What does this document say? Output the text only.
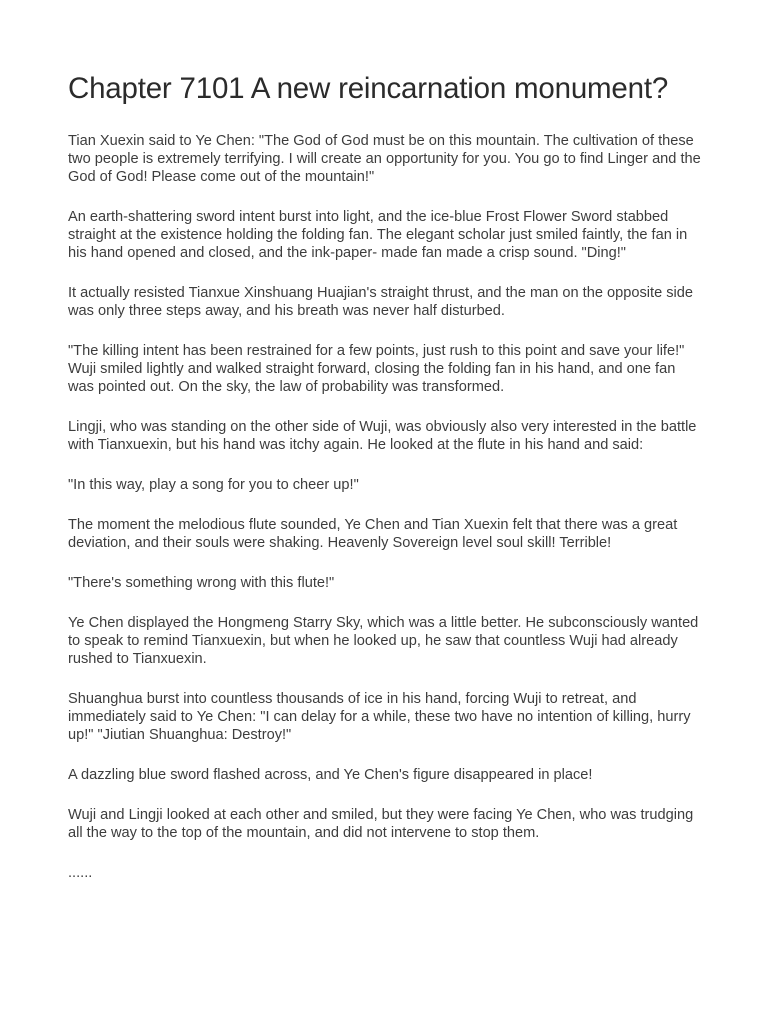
Chapter 7101 A new reincarnation monument?

Tian Xuexin said to Ye Chen: "The God of God must be on this mountain. The cultivation of these two people is extremely terrifying. I will create an opportunity for you. You go to find Linger and the God of God! Please come out of the mountain!"

An earth-shattering sword intent burst into light, and the ice-blue Frost Flower Sword stabbed straight at the existence holding the folding fan. The elegant scholar just smiled faintly, the fan in his hand opened and closed, and the ink-paper- made fan made a crisp sound. "Ding!"

It actually resisted Tianxue Xinshuang Huajian's straight thrust, and the man on the opposite side was only three steps away, and his breath was never half disturbed.

"The killing intent has been restrained for a few points, just rush to this point and save your life!" Wuji smiled lightly and walked straight forward, closing the folding fan in his hand, and one fan was pointed out. On the sky, the law of probability was transformed.

Lingji, who was standing on the other side of Wuji, was obviously also very interested in the battle with Tianxuexin, but his hand was itchy again. He looked at the flute in his hand and said:

"In this way, play a song for you to cheer up!"

The moment the melodious flute sounded, Ye Chen and Tian Xuexin felt that there was a great deviation, and their souls were shaking. Heavenly Sovereign level soul skill! Terrible!

"There's something wrong with this flute!"

Ye Chen displayed the Hongmeng Starry Sky, which was a little better. He subconsciously wanted to speak to remind Tianxuexin, but when he looked up, he saw that countless Wuji had already rushed to Tianxuexin.

Shuanghua burst into countless thousands of ice in his hand, forcing Wuji to retreat, and immediately said to Ye Chen: "I can delay for a while, these two have no intention of killing, hurry up!" "Jiutian Shuanghua: Destroy!"

A dazzling blue sword flashed across, and Ye Chen's figure disappeared in place!

Wuji and Lingji looked at each other and smiled, but they were facing Ye Chen, who was trudging all the way to the top of the mountain, and did not intervene to stop them.

......
